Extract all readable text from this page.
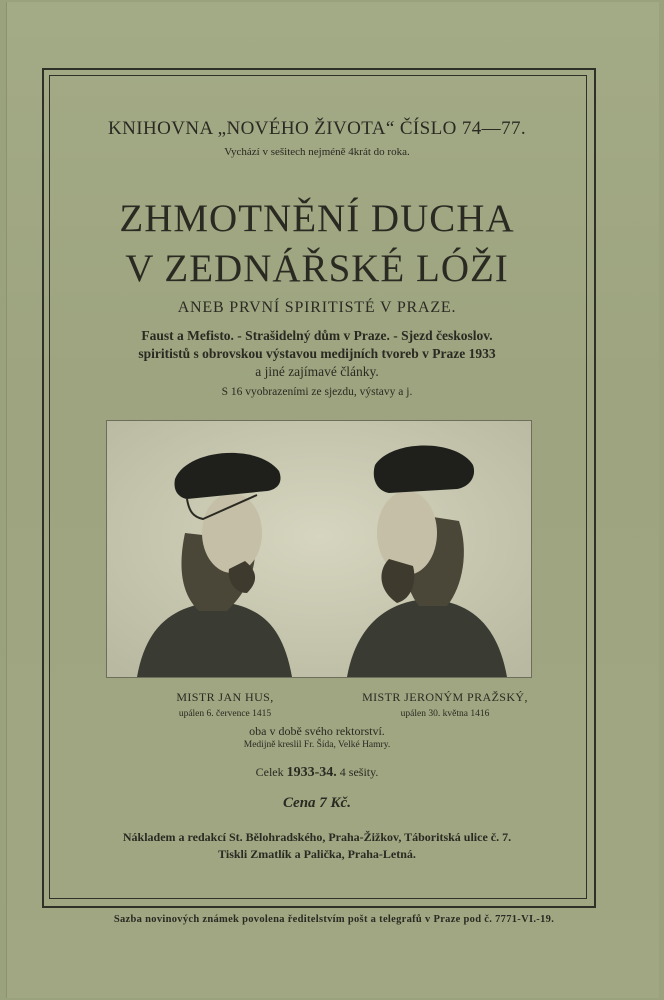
KNIHOVNA „NOVÉHO ŽIVOTA“ ČÍSLO 74—77.
Vychází v sešitech nejméně 4krát do roka.
ZHMOTNĚNÍ DUCHA
V ZEDNÁŘSKÉ LÓŽI
ANEB PRVNÍ SPIRITISTÉ V PRAZE.
Faust a Mefisto. - Strašidelný dům v Praze. - Sjezd českoslov.
spiritistů s obrovskou výstavou medijních tvoreb v Praze 1933
a jiné zajímavé články.
S 16 vyobrazeními ze sjezdu, výstavy a j.
MISTR JAN HUS,
upálen 6. července 1415
MISTR JERONÝM PRAŽSKÝ,
upálen 30. května 1416
oba v době svého rektorství.
Medijně kreslil Fr. Šída, Velké Hamry.
Celek 1933-34. 4 sešity.
Cena 7 Kč.
Nákladem a redakcí St. Bělohradského, Praha-Žižkov, Táboritská ulice č. 7.
Tiskli Zmatlík a Palička, Praha-Letná.
Sazba novinových známek povolena ředitelstvím pošt a telegrafů v Praze pod č. 7771-VI.-19.
